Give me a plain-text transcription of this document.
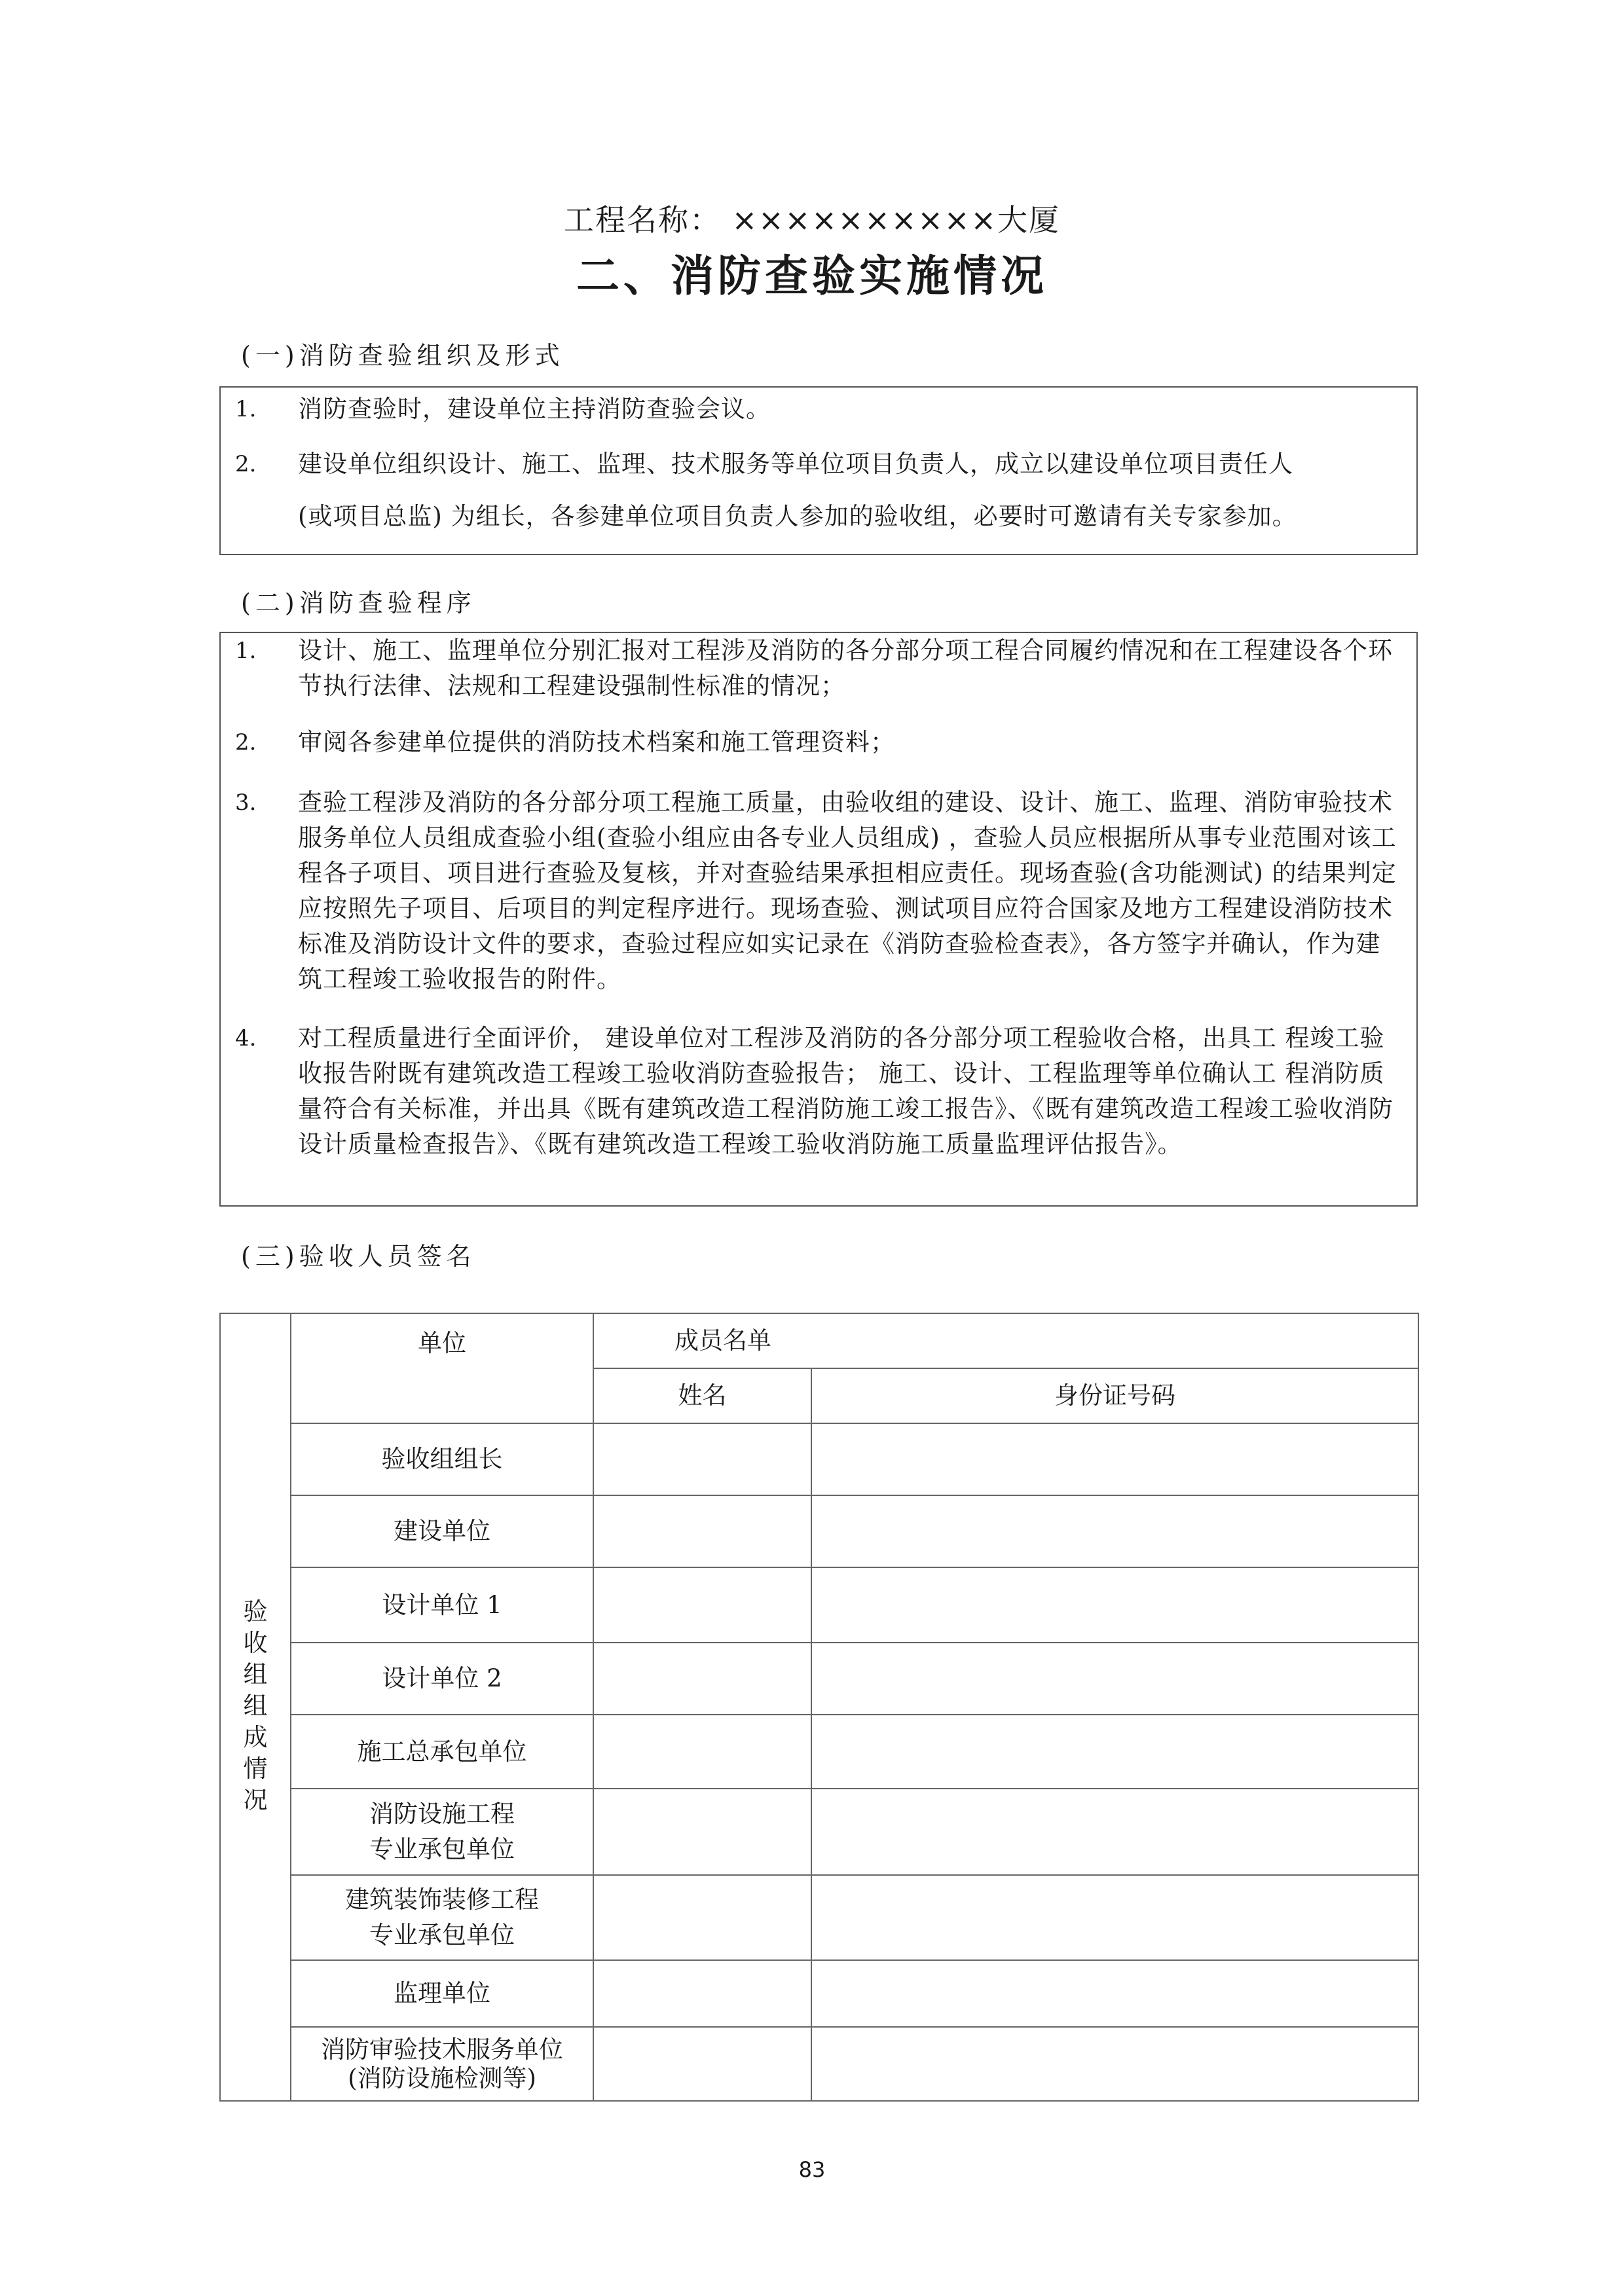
工程名称： ××××××××××大厦
二、消防查验实施情况
(一)消防查验组织及形式
1.	消防查验时，建设单位主持消防查验会议。
2.	建设单位组织设计、施工、监理、技术服务等单位项目负责人，成立以建设单位项目责任人
(或项目总监) 为组长，各参建单位项目负责人参加的验收组，必要时可邀请有关专家参加。
(二)消防查验程序
1.	设计、施工、监理单位分别汇报对工程涉及消防的各分部分项工程合同履约情况和在工程建设各个环节执行法律、法规和工程建设强制性标准的情况；
2.	审阅各参建单位提供的消防技术档案和施工管理资料；
3.	查验工程涉及消防的各分部分项工程施工质量，由验收组的建设、设计、施工、监理、消防审验技术服务单位人员组成查验小组(查验小组应由各专业人员组成) ，查验人员应根据所从事专业范围对该工程各子项目、项目进行查验及复核，并对查验结果承担相应责任。现场查验(含功能测试) 的结果判定应按照先子项目、后项目的判定程序进行。现场查验、测试项目应符合国家及地方工程建设消防技术标准及消防设计文件的要求，查验过程应如实记录在《消防查验检查表》，各方签字并确认，作为建筑工程竣工验收报告的附件。
4.	对工程质量进行全面评价， 建设单位对工程涉及消防的各分部分项工程验收合格，出具工 程竣工验收报告附既有建筑改造工程竣工验收消防查验报告； 施工、设计、工程监理等单位确认工 程消防质量符合有关标准，并出具《既有建筑改造工程消防施工竣工报告》、《既有建筑改造工程竣工验收消防设计质量检查报告》、《既有建筑改造工程竣工验收消防施工质量监理评估报告》。
(三)验收人员签名
验收组组成情况	单位	成员名单	
		姓名	身份证号码
	验收组组长		
	建设单位		
	设计单位 1		
	设计单位 2		
	施工总承包单位		

	消防设施工程
专业承包单位		

	建筑装饰装修工程
专业承包单位		

	监理单位		

	消防审验技术服务单位
(消防设施检测等)		

83
